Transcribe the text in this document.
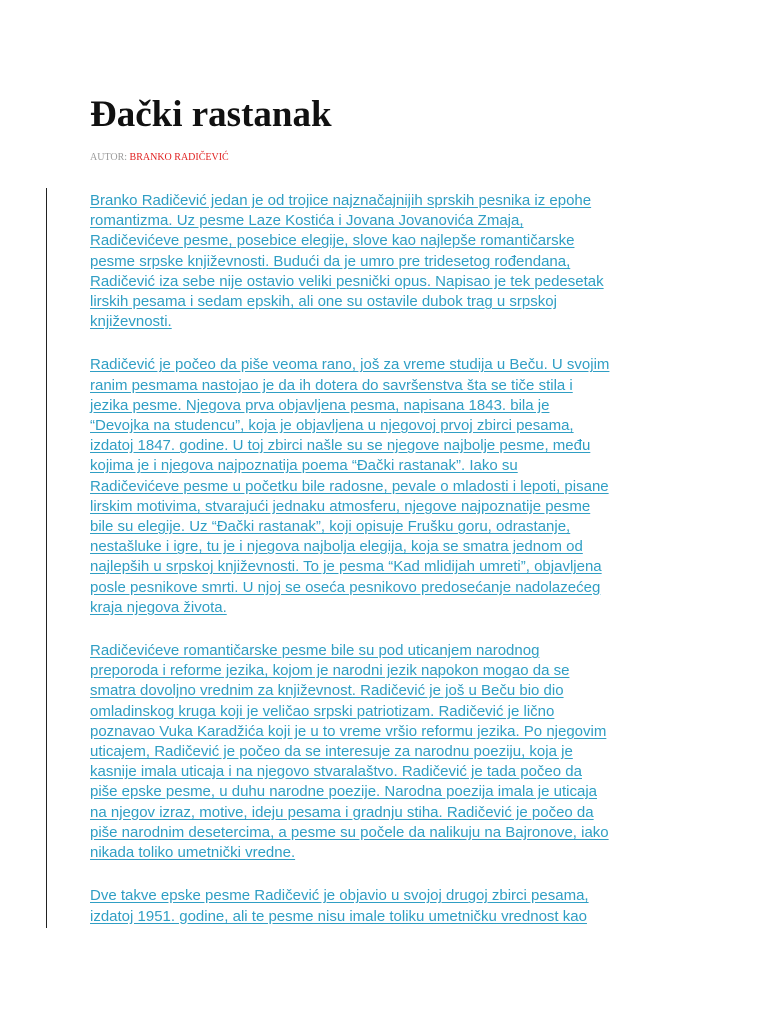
Đački rastanak
AUTOR: BRANKO RADIČEVIĆ

Branko Radičević jedan je od trojice najznačajnijih sprskih pesnika iz epohe
romantizma. Uz pesme Laze Kostića i Jovana Jovanovića Zmaja,
Radičevićeve pesme, posebice elegije, slove kao najlepše romantičarske
pesme srpske književnosti. Budući da je umro pre tridesetog rođendana,
Radičević iza sebe nije ostavio veliki pesnički opus. Napisao je tek pedesetak
lirskih pesama i sedam epskih, ali one su ostavile dubok trag u srpskoj
književnosti.

Radičević je počeo da piše veoma rano, još za vreme studija u Beču. U svojim
ranim pesmama nastojao je da ih dotera do savršenstva šta se tiče stila i
jezika pesme. Njegova prva objavljena pesma, napisana 1843. bila je
“Devojka na studencu”, koja je objavljena u njegovoj prvoj zbirci pesama,
izdatoj 1847. godine. U toj zbirci našle su se njegove najbolje pesme, među
kojima je i njegova najpoznatija poema “Đački rastanak”. Iako su
Radičevićeve pesme u početku bile radosne, pevale o mladosti i lepoti, pisane
lirskim motivima, stvarajući jednaku atmosferu, njegove najpoznatije pesme
bile su elegije. Uz “Đački rastanak”, koji opisuje Frušku goru, odrastanje,
nestašluke i igre, tu je i njegova najbolja elegija, koja se smatra jednom od
najlepših u srpskoj književnosti. To je pesma “Kad mlidijah umreti”, objavljena
posle pesnikove smrti. U njoj se oseća pesnikovo predosećanje nadolazećeg
kraja njegova života.

Radičevićeve romantičarske pesme bile su pod uticanjem narodnog
preporoda i reforme jezika, kojom je narodni jezik napokon mogao da se
smatra dovoljno vrednim za književnost. Radičević je još u Beču bio dio
omladinskog kruga koji je veličao srpski patriotizam. Radičević je lično
poznavao Vuka Karadžića koji je u to vreme vršio reformu jezika. Po njegovim
uticajem, Radičević je počeo da se interesuje za narodnu poeziju, koja je
kasnije imala uticaja i na njegovo stvaralaštvo. Radičević je tada počeo da
piše epske pesme, u duhu narodne poezije. Narodna poezija imala je uticaja
na njegov izraz, motive, ideju pesama i gradnju stiha. Radičević je počeo da
piše narodnim desetercima, a pesme su počele da nalikuju na Bajronove, iako
nikada toliko umetnički vredne.

Dve takve epske pesme Radičević je objavio u svojoj drugoj zbirci pesama,
izdatoj 1951. godine, ali te pesme nisu imale toliku umetničku vrednost kao
